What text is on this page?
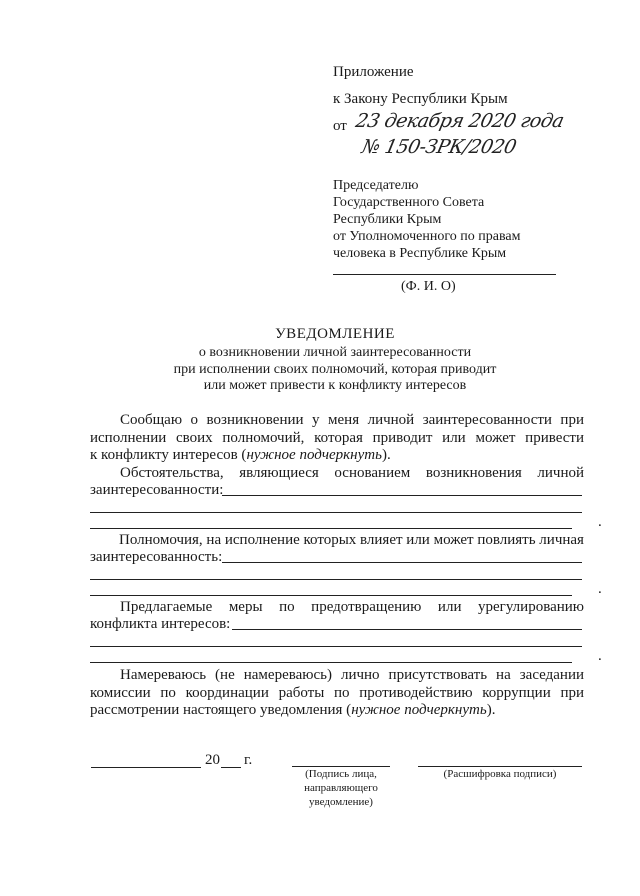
Приложение
к Закону Республики Крым
от 23 декабря 2020 года
№ 150-ЗРК/2020
Председателю
Государственного Совета
Республики Крым
от Уполномоченного по правам
человека в Республике Крым
(Ф. И. О)
УВЕДОМЛЕНИЕ
о возникновении личной заинтересованности
при исполнении своих полномочий, которая приводит
или может привести к конфликту интересов
Сообщаю о возникновении у меня личной заинтересованности при
исполнении своих полномочий, которая приводит или может привести
к конфликту интересов (нужное подчеркнуть).
Обстоятельства, являющиеся основанием возникновения личной
заинтересованности:
.
Полномочия, на исполнение которых влияет или может повлиять личная
заинтересованность:
.
Предлагаемые меры по предотвращению или урегулированию
конфликта интересов:
.
Намереваюсь (не намереваюсь) лично присутствовать на заседании
комиссии по координации работы по противодействию коррупции при
рассмотрении настоящего уведомления (нужное подчеркнуть).
20 г.
(Подпись лица,
направляющего
уведомление)
(Расшифровка подписи)
